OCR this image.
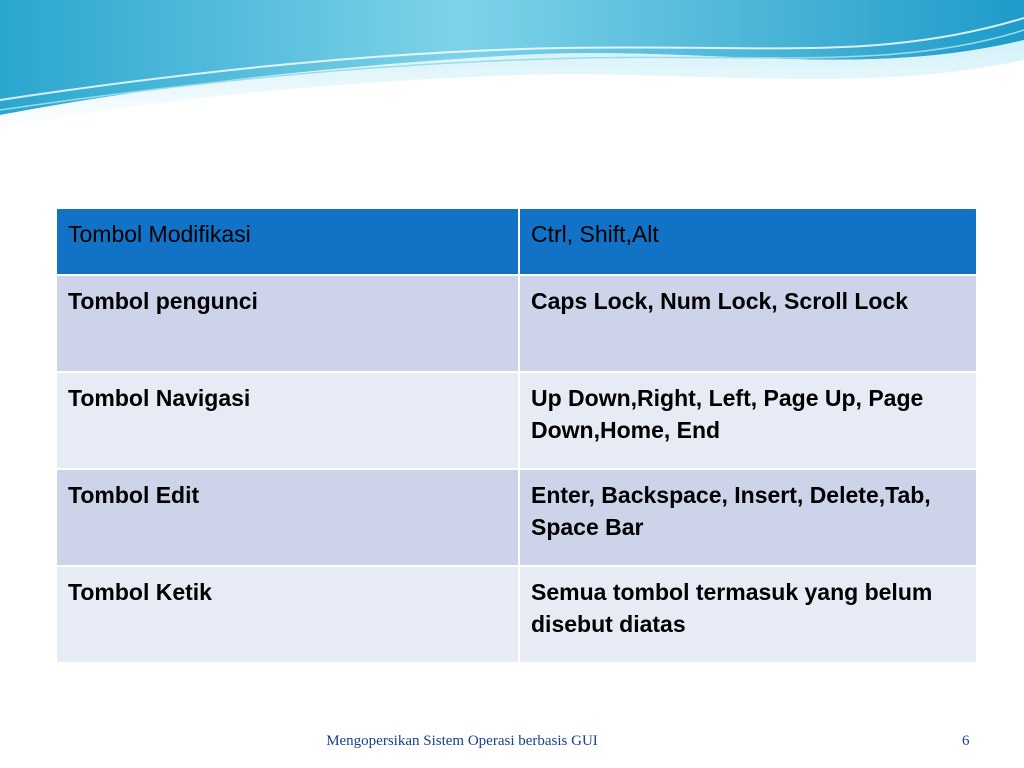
Tombol Modifikasi	Ctrl, Shift,Alt
Tombol pengunci	Caps Lock, Num Lock, Scroll Lock
Tombol Navigasi	Up Down,Right, Left, Page Up, Page Down,Home, End
Tombol Edit	Enter, Backspace, Insert, Delete,Tab, Space Bar
Tombol Ketik	Semua tombol termasuk yang belum disebut diatas
Mengopersikan Sistem Operasi berbasis GUI	6
